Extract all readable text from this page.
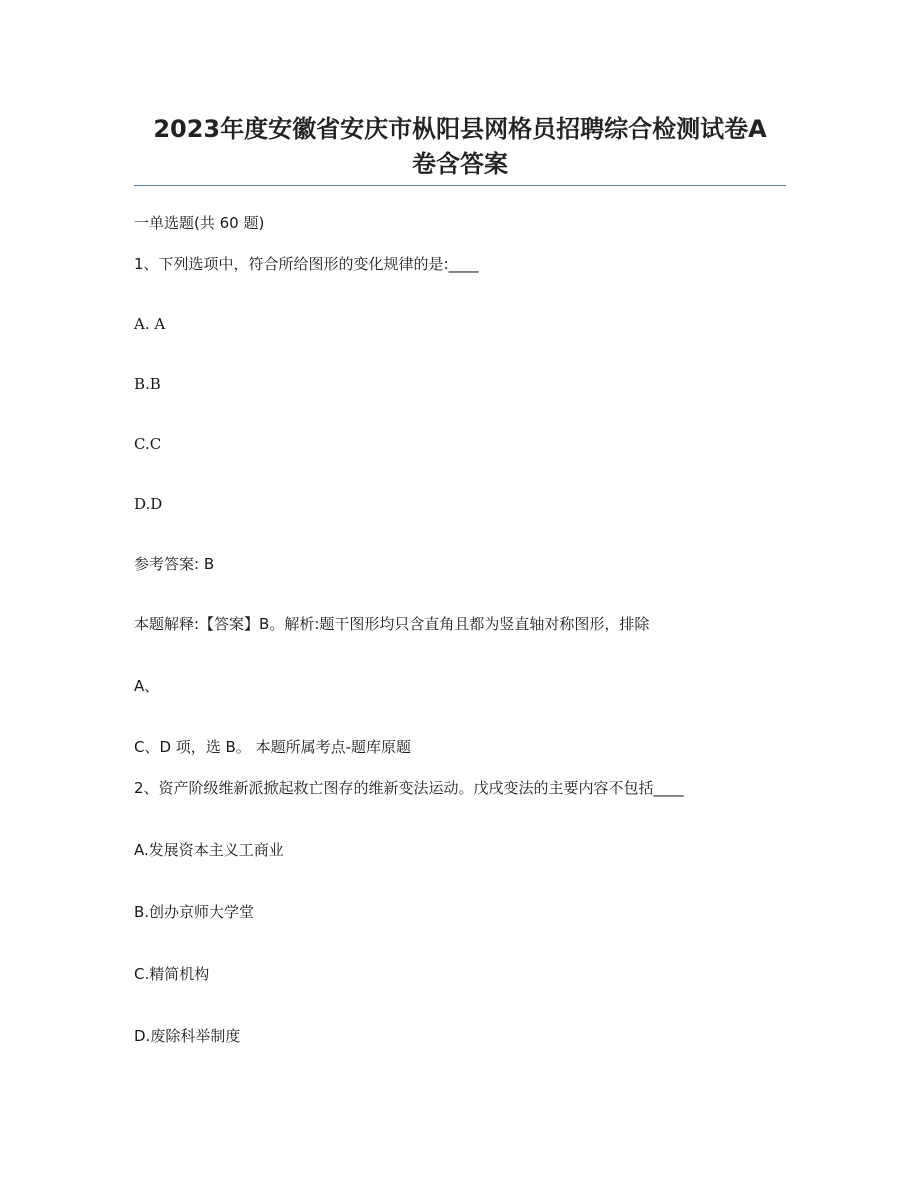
2023年度安徽省安庆市枞阳县网格员招聘综合检测试卷A
卷含答案

一单选题(共 60 题)

1、下列选项中，符合所给图形的变化规律的是:____

A. A

B.B

C.C

D.D

参考答案: B

本题解释:【答案】B。解析:题干图形均只含直角且都为竖直轴对称图形，排除

A、

C、D 项，选 B。 本题所属考点-题库原题

2、资产阶级维新派掀起救亡图存的维新变法运动。戊戌变法的主要内容不包括____

A.发展资本主义工商业

B.创办京师大学堂

C.精简机构

D.废除科举制度
